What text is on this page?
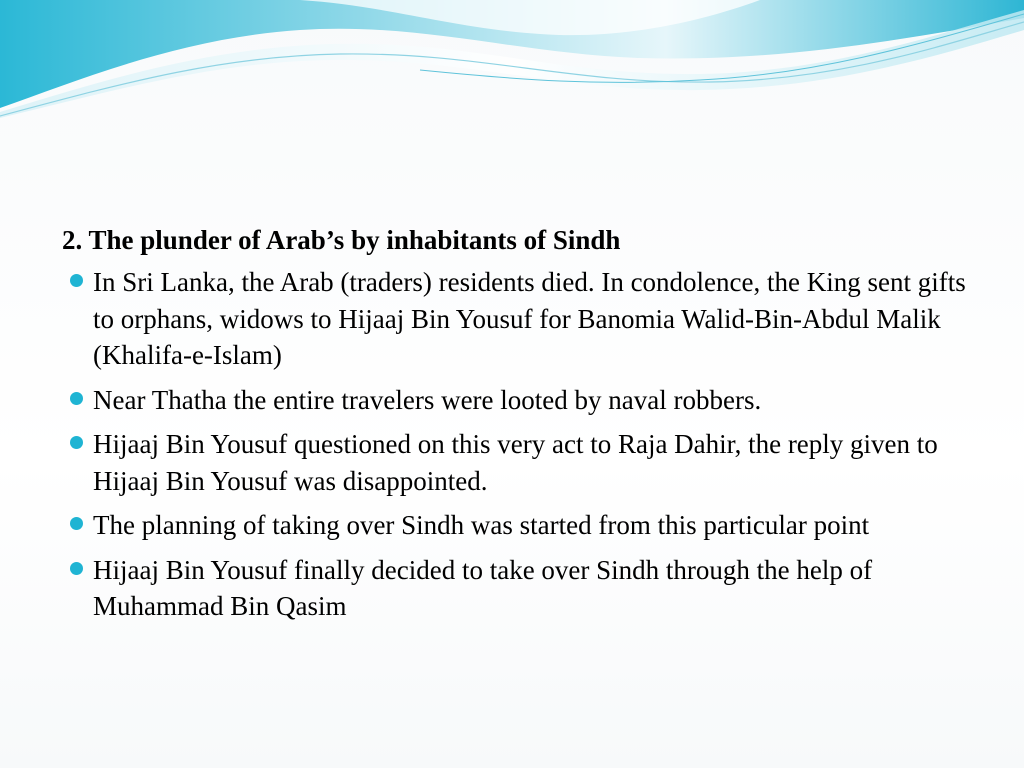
2. The plunder of Arab’s by inhabitants of Sindh
In Sri Lanka, the Arab (traders) residents died. In condolence, the King sent gifts to orphans, widows to Hijaaj Bin Yousuf for Banomia Walid-Bin-Abdul Malik (Khalifa-e-Islam)
Near Thatha the entire travelers were looted by naval robbers.
Hijaaj Bin Yousuf questioned on this very act to Raja Dahir, the reply given to Hijaaj Bin Yousuf was disappointed.
The planning of taking over Sindh was started from this particular point
Hijaaj Bin Yousuf finally decided to take over Sindh through the help of Muhammad Bin Qasim
